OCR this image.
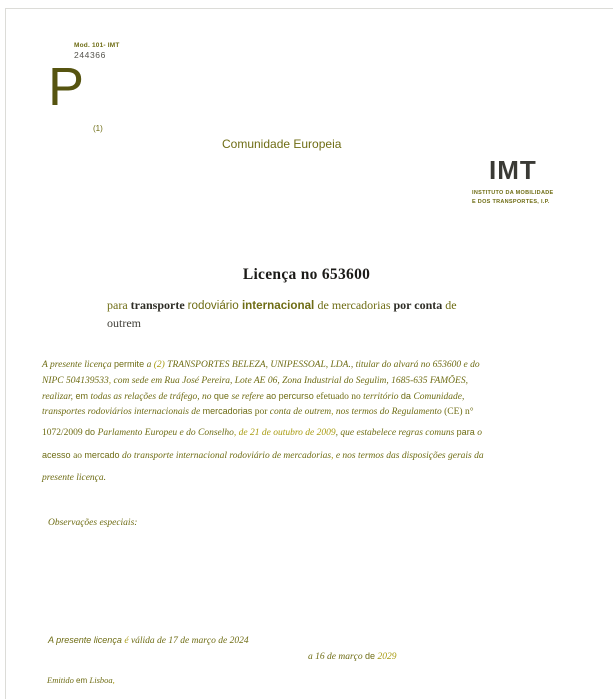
Mod. 101- IMT
244366
P
(1)
Comunidade Europeia
IMT
INSTITUTO DA MOBILIDADE
E DOS TRANSPORTES, I.P.
Licença no 653600
para transporte rodoviário internacional de mercadorias por conta de
outrem
A presente licença permite a (2) TRANSPORTES BELEZA, UNIPESSOAL, LDA., titular do alvará no 653600 e do
NIPC 504139533, com sede em Rua José Pereira, Lote AE 06, Zona Industrial do Segulim, 1685-635 FAMÕES,
realizar, em todas as relações de tráfego, no que se refere ao percurso efetuado no território da Comunidade,
transportes rodoviários internacionais de mercadorias por conta de outrem, nos termos do Regulamento (CE) n°
1072/2009 do Parlamento Europeu e do Conselho, de 21 de outubro de 2009, que estabelece regras comuns para o
acesso ao mercado do transporte internacional rodoviário de mercadorias, e nos termos das disposições gerais da
presente licença.
Observações especiais:
A presente licença é válida de 17 de março de 2024
a 16 de março de 2029
Emitido em Lisboa,
